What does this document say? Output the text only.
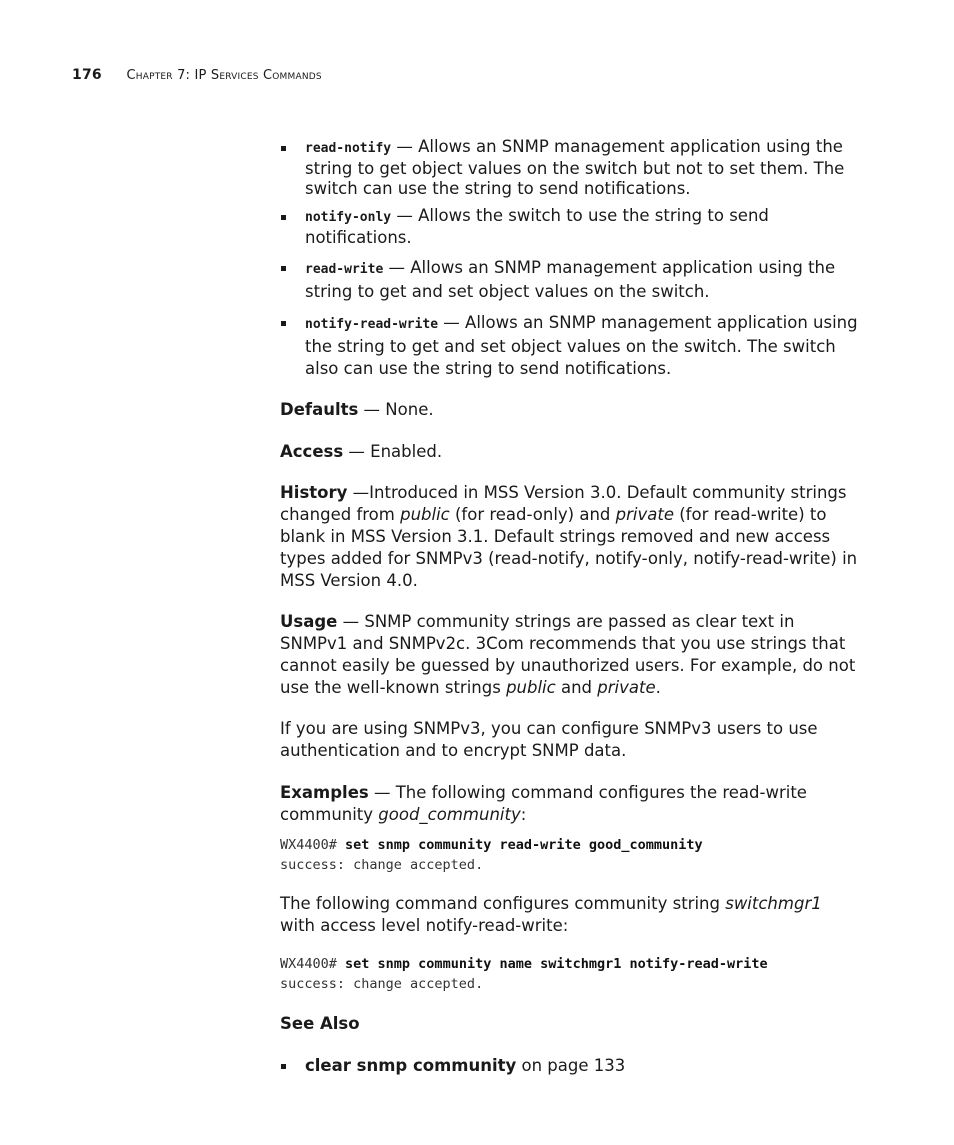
176 Chapter 7: IP Services Commands
read-notify — Allows an SNMP management application using the string to get object values on the switch but not to set them. The switch can use the string to send notifications.
notify-only — Allows the switch to use the string to send notifications.
read-write — Allows an SNMP management application using the string to get and set object values on the switch.
notify-read-write — Allows an SNMP management application using the string to get and set object values on the switch. The switch also can use the string to send notifications.

Defaults — None.

Access — Enabled.

History —Introduced in MSS Version 3.0. Default community strings changed from public (for read-only) and private (for read-write) to blank in MSS Version 3.1. Default strings removed and new access types added for SNMPv3 (read-notify, notify-only, notify-read-write) in MSS Version 4.0.

Usage — SNMP community strings are passed as clear text in SNMPv1 and SNMPv2c. 3Com recommends that you use strings that cannot easily be guessed by unauthorized users. For example, do not use the well-known strings public and private.

If you are using SNMPv3, you can configure SNMPv3 users to use authentication and to encrypt SNMP data.

Examples — The following command configures the read-write community good_community:

WX4400# set snmp community read-write good_community
success: change accepted.

The following command configures community string switchmgr1 with access level notify-read-write:

WX4400# set snmp community name switchmgr1 notify-read-write
success: change accepted.

See Also

clear snmp community on page 133
